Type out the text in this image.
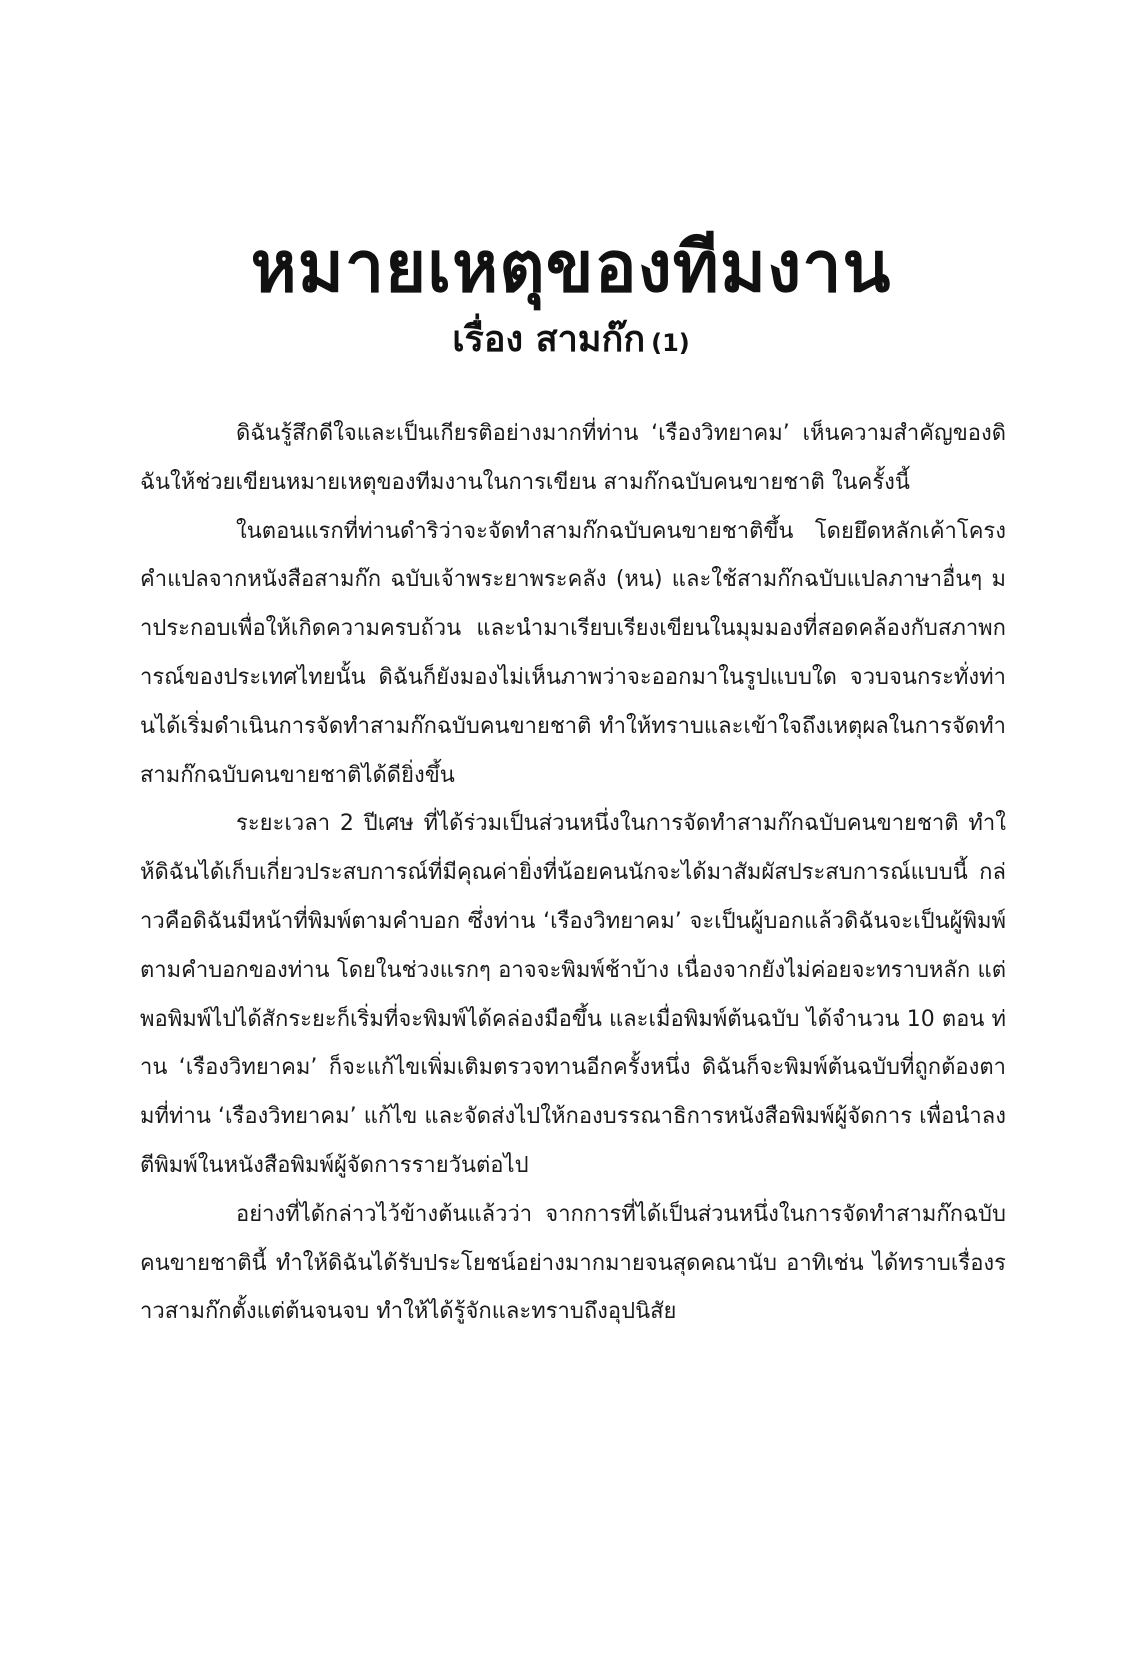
หมายเหตุของทีมงาน
เรื่อง สามก๊ก (1)

ดิฉันรู้สึกดีใจและเป็นเกียรติอย่างมากที่ท่าน ‘เรืองวิทยาคม’ เห็นความสำคัญของดิฉันให้ช่วยเขียนหมายเหตุของทีมงานในการเขียน สามก๊กฉบับคนขายชาติ ในครั้งนี้

ในตอนแรกที่ท่านดำริว่าจะจัดทำสามก๊กฉบับคนขายชาติขึ้น โดยยึดหลักเค้าโครงคำแปลจากหนังสือสามก๊ก ฉบับเจ้าพระยาพระคลัง (หน) และใช้สามก๊กฉบับแปลภาษาอื่นๆ มาประกอบเพื่อให้เกิดความครบถ้วน และนำมาเรียบเรียงเขียนในมุมมองที่สอดคล้องกับสภาพการณ์ของประเทศไทยนั้น ดิฉันก็ยังมองไม่เห็นภาพว่าจะออกมาในรูปแบบใด จวบจนกระทั่งท่านได้เริ่มดำเนินการจัดทำสามก๊กฉบับคนขายชาติ ทำให้ทราบและเข้าใจถึงเหตุผลในการจัดทำสามก๊กฉบับคนขายชาติได้ดียิ่งขึ้น

ระยะเวลา 2 ปีเศษ ที่ได้ร่วมเป็นส่วนหนึ่งในการจัดทำสามก๊กฉบับคนขายชาติ ทำให้ดิฉันได้เก็บเกี่ยวประสบการณ์ที่มีคุณค่ายิ่งที่น้อยคนนักจะได้มาสัมผัสประสบการณ์แบบนี้ กล่าวคือดิฉันมีหน้าที่พิมพ์ตามคำบอก ซึ่งท่าน ‘เรืองวิทยาคม’ จะเป็นผู้บอกแล้วดิฉันจะเป็นผู้พิมพ์ตามคำบอกของท่าน โดยในช่วงแรกๆ อาจจะพิมพ์ช้าบ้าง เนื่องจากยังไม่ค่อยจะทราบหลัก แต่พอพิมพ์ไปได้สักระยะก็เริ่มที่จะพิมพ์ได้คล่องมือขึ้น และเมื่อพิมพ์ต้นฉบับ ได้จำนวน 10 ตอน ท่าน ‘เรืองวิทยาคม’ ก็จะแก้ไขเพิ่มเติมตรวจทานอีกครั้งหนึ่ง ดิฉันก็จะพิมพ์ต้นฉบับที่ถูกต้องตามที่ท่าน ‘เรืองวิทยาคม’ แก้ไข และจัดส่งไปให้กองบรรณาธิการหนังสือพิมพ์ผู้จัดการ เพื่อนำลงตีพิมพ์ในหนังสือพิมพ์ผู้จัดการรายวันต่อไป

อย่างที่ได้กล่าวไว้ข้างต้นแล้วว่า จากการที่ได้เป็นส่วนหนึ่งในการจัดทำสามก๊กฉบับคนขายชาตินี้ ทำให้ดิฉันได้รับประโยชน์อย่างมากมายจนสุดคณานับ อาทิเช่น ได้ทราบเรื่องราวสามก๊กตั้งแต่ต้นจนจบ ทำให้ได้รู้จักและทราบถึงอุปนิสัย
